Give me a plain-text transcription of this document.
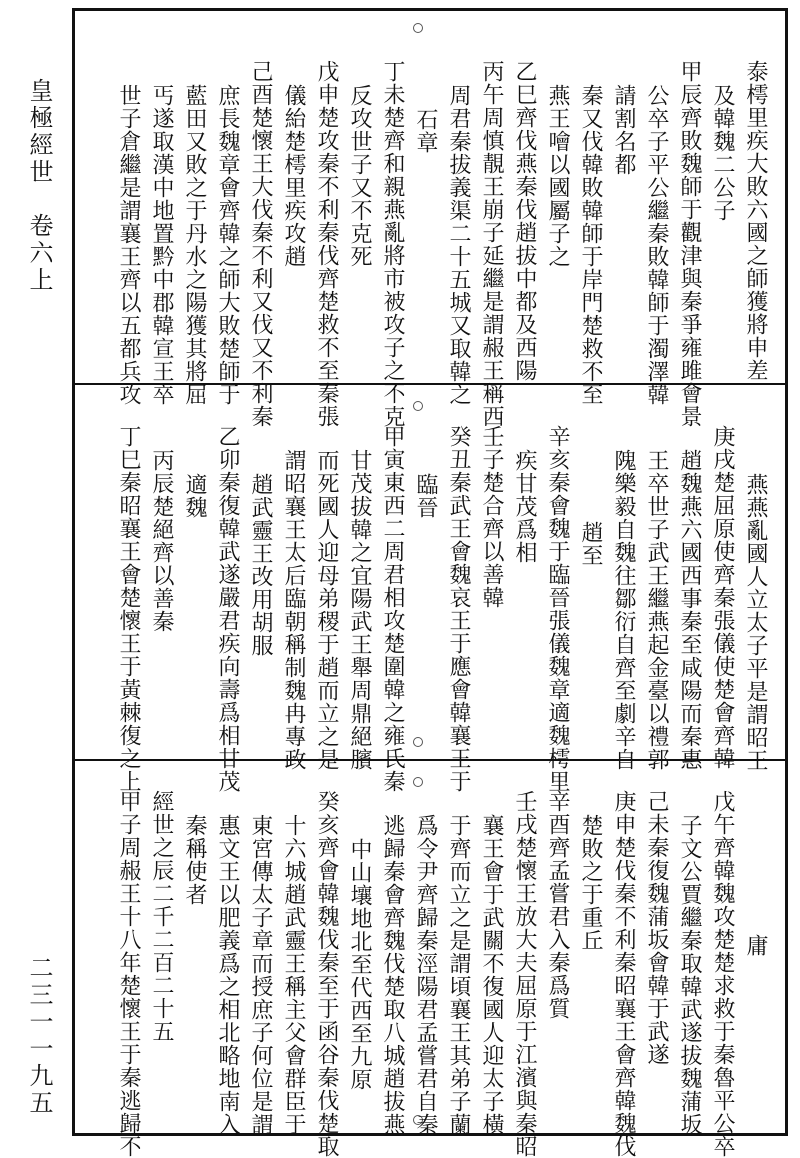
皇極經世　卷六上
二三一一九五
泰樗里疾大敗六國之師獲將申差
及韓魏二公子
甲辰齊敗魏師于觀津與秦爭雍雎會景
公卒子平公繼秦敗韓師于濁澤韓
請割名都
秦又伐韓敗韓師于岸門楚救不至
燕王噲以國屬子之
乙巳齊伐燕秦伐趙拔中都及西陽
丙午周慎靚王崩子延繼是謂赧王稱西
周君秦拔義渠二十五城又取韓之
石章
丁未楚齊和親燕亂將市被攻子之不克
反攻世子又不克死
戊申楚攻秦不利秦伐齊楚救不至秦張
儀紿楚樗里疾攻趙
己酉楚懷王大伐秦不利又伐又不利秦
庶長魏章會齊韓之師大敗楚師于
藍田又敗之于丹水之陽獲其將屈
丐遂取漢中地置黔中郡韓宣王卒
世子倉繼是謂襄王齊以五都兵攻
燕燕亂國人立太子平是謂昭王
庚戌楚屈原使齊秦張儀使楚會齊韓
趙魏燕六國西事秦至咸陽而秦惠
王卒世子武王繼燕起金臺以禮郭
隗樂毅自魏往鄒衍自齊至劇辛自
趙至
辛亥秦會魏于臨晉張儀魏章適魏樗里
疾甘茂爲相
壬子楚合齊以善韓
癸丑秦武王會魏哀王于應會韓襄王于
臨晉
甲寅東西二周君相攻楚圍韓之雍氏秦
甘茂拔韓之宜陽武王舉周鼎絕臏
而死國人迎母弟稷于趙而立之是
謂昭襄王太后臨朝稱制魏冉專政
趙武靈王改用胡服
乙卯秦復韓武遂嚴君疾向壽爲相甘茂
適魏
丙辰楚絕齊以善秦
丁巳秦昭襄王會楚懷王于黃棘復之上
庸
戊午齊韓魏攻楚楚求救于秦魯平公卒
子文公賈繼秦取韓武遂拔魏蒲坂
己未秦復魏蒲坂會韓于武遂
庚申楚伐秦不利秦昭襄王會齊韓魏伐
楚敗之于重丘
辛酉齊孟嘗君入秦爲質
壬戌楚懷王放大夫屈原于江濱與秦昭
襄王會于武關不復國人迎太子橫
于齊而立之是謂頃襄王其弟子蘭
爲令尹齊歸秦涇陽君孟嘗君自秦
逃歸秦會齊魏伐楚取八城趙拔燕
中山壤地北至代西至九原
癸亥齊會韓魏伐秦至于函谷秦伐楚取
十六城趙武靈王稱主父會群臣于
東宮傳太子章而授庶子何位是謂
惠文王以肥義爲之相北略地南入
秦稱使者
經世之辰二千二百二十五
甲子周赧王十八年楚懷王于秦逃歸不
